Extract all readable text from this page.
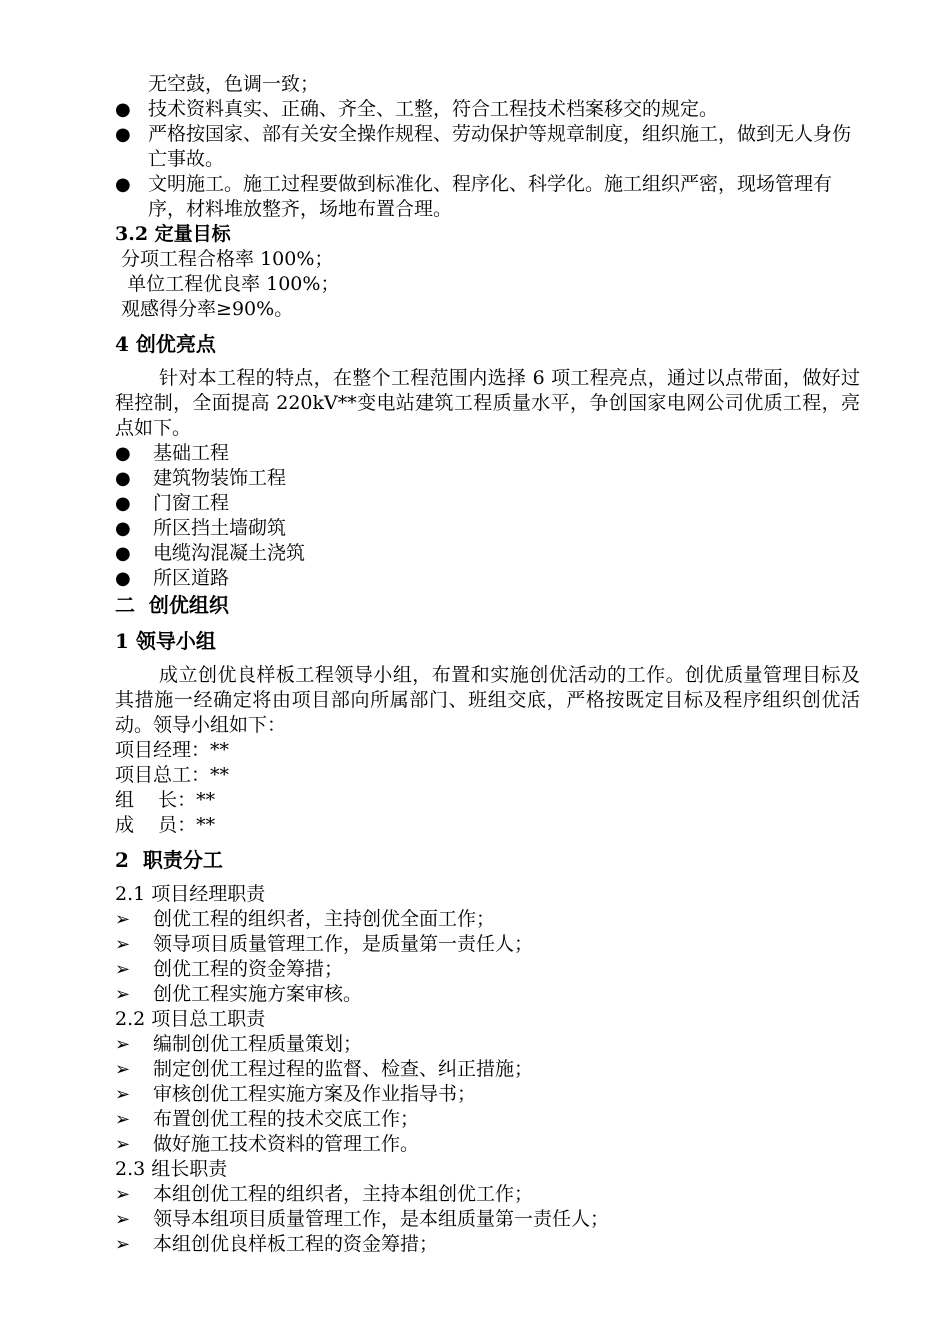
无空鼓，色调一致；
● 技术资料真实、正确、齐全、工整，符合工程技术档案移交的规定。
● 严格按国家、部有关安全操作规程、劳动保护等规章制度，组织施工，做到无人身伤亡事故。
● 文明施工。施工过程要做到标准化、程序化、科学化。施工组织严密，现场管理有序，材料堆放整齐，场地布置合理。
3.2 定量目标
分项工程合格率 100%；
单位工程优良率 100%；
观感得分率≥90%。
4 创优亮点
针对本工程的特点，在整个工程范围内选择 6 项工程亮点，通过以点带面，做好过程控制，全面提高 220kV**变电站建筑工程质量水平，争创国家电网公司优质工程，亮点如下。
●	基础工程
●	建筑物装饰工程
●	门窗工程
●	所区挡土墙砌筑
●	电缆沟混凝土浇筑
●	所区道路
二  创优组织
1 领导小组
成立创优良样板工程领导小组，布置和实施创优活动的工作。创优质量管理目标及其措施一经确定将由项目部向所属部门、班组交底，严格按既定目标及程序组织创优活动。领导小组如下：
项目经理：**
项目总工：**
组    长：**
成    员：**
2  职责分工
2.1 项目经理职责
➢	创优工程的组织者，主持创优全面工作；
➢	领导项目质量管理工作，是质量第一责任人；
➢	创优工程的资金筹措；
➢	创优工程实施方案审核。
2.2 项目总工职责
➢	编制创优工程质量策划；
➢	制定创优工程过程的监督、检查、纠正措施；
➢	审核创优工程实施方案及作业指导书；
➢	布置创优工程的技术交底工作；
➢	做好施工技术资料的管理工作。
2.3 组长职责
➢	本组创优工程的组织者，主持本组创优工作；
➢	领导本组项目质量管理工作，是本组质量第一责任人；
➢	本组创优良样板工程的资金筹措；
